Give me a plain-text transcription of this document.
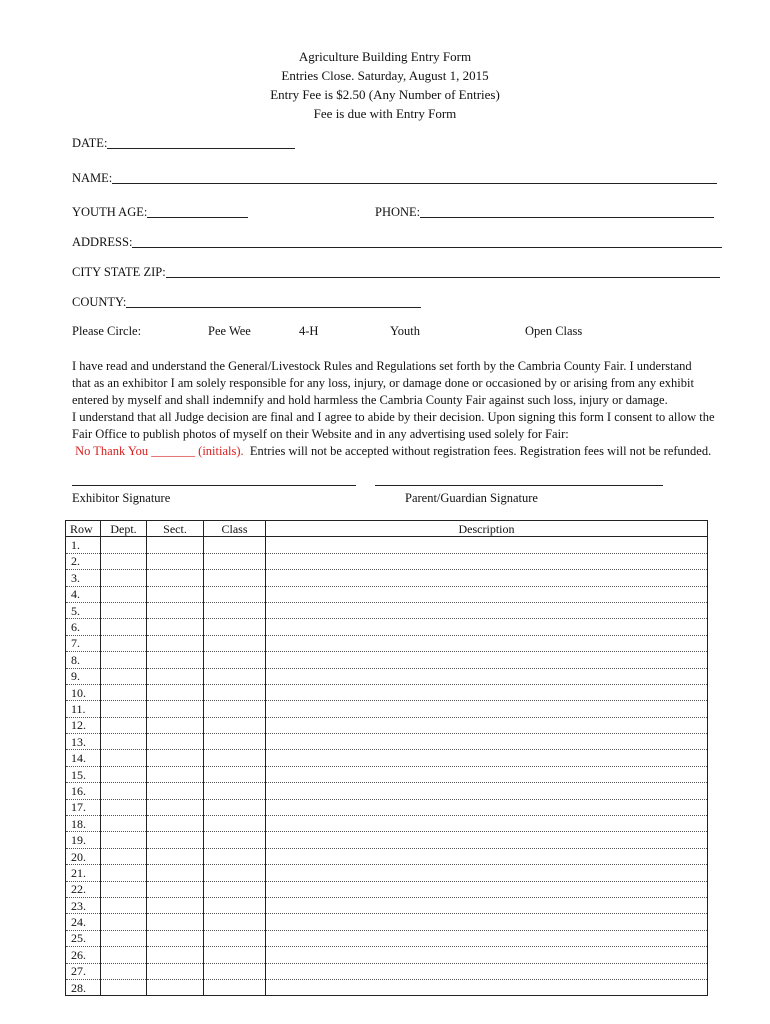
Agriculture Building Entry Form
Entries Close. Saturday, August 1, 2015
Entry Fee is $2.50 (Any Number of Entries)
Fee is due with Entry Form
DATE:
NAME:
YOUTH AGE:	PHONE:
ADDRESS:
CITY STATE ZIP:
COUNTY:
Please Circle:	Pee Wee	4-H	Youth	Open Class

I have read and understand the General/Livestock Rules and Regulations set forth by the Cambria County Fair. I understand

that as an exhibitor I am solely responsible for any loss, injury, or damage done or occasioned by or arising from any exhibit

entered by myself and shall indemnify and hold harmless the Cambria County Fair against such loss, injury or damage.

I understand that all Judge decision are final and I agree to abide by their decision. Upon signing this form I consent to allow the

Fair Office to publish photos of myself on their Website and in any advertising used solely for Fair:

No Thank You _______ (initials). Entries will not be accepted without registration fees. Registration fees will not be refunded.

Exhibitor Signature	Parent/Guardian Signature
Row	Dept.	Sect.	Class	Description
1.				
2.				
3.				
4.				
5.				
6.				
7.				
8.				
9.				
10.				
11.				
12.				
13.				
14.				
15.				
16.				
17.				
18.				
19.				
20.				
21.				
22.				
23.				
24.				
25.				
26.				
27.				
28.				
